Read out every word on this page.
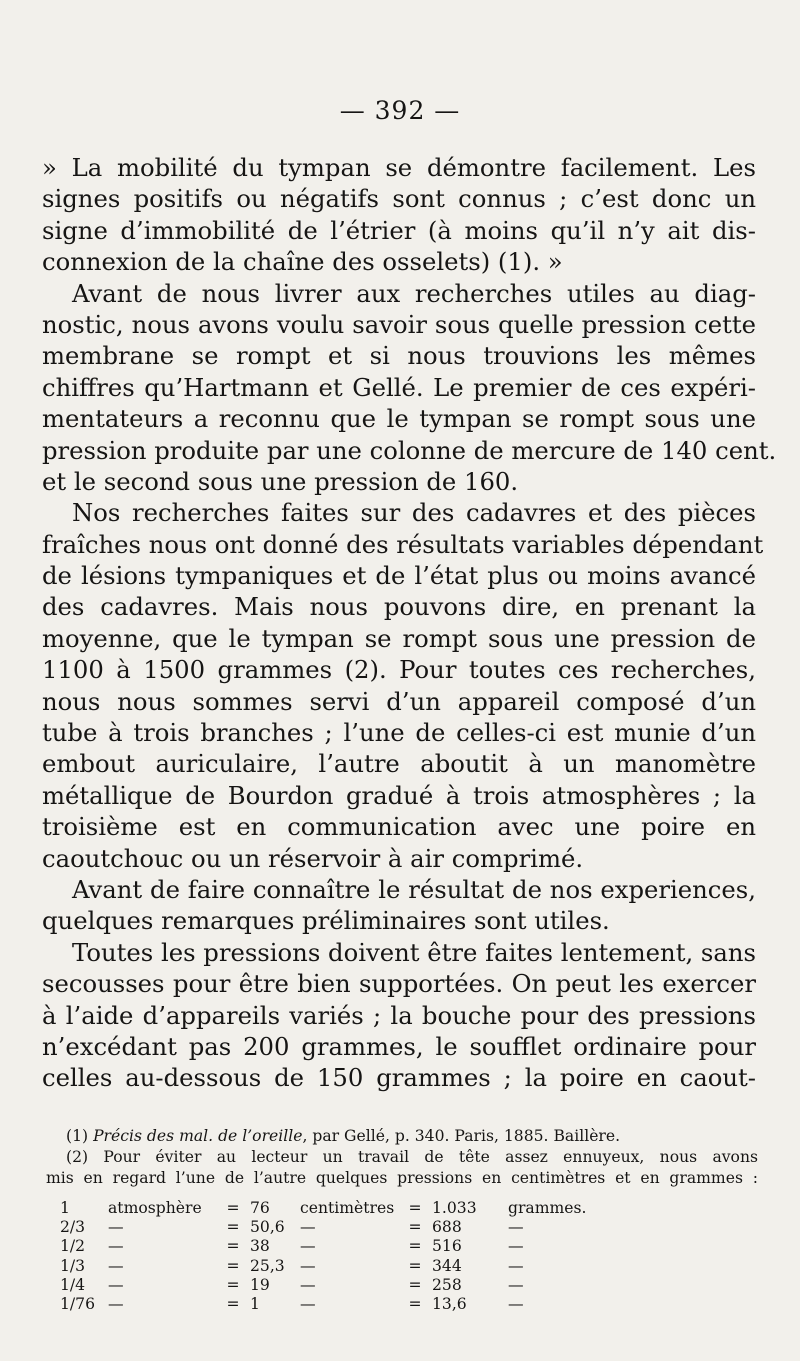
— 392 —
» La mobilité du tympan se démontre facilement. Les
signes positifs ou négatifs sont connus ; c’est donc un
signe d’immobilité de l’étrier (à moins qu’il n’y ait dis-
connexion de la chaîne des osselets) (1). »
Avant de nous livrer aux recherches utiles au diag-
nostic, nous avons voulu savoir sous quelle pression cette
membrane se rompt et si nous trouvions les mêmes
chiffres qu’Hartmann et Gellé. Le premier de ces expéri-
mentateurs a reconnu que le tympan se rompt sous une
pression produite par une colonne de mercure de 140 cent.
et le second sous une pression de 160.
Nos recherches faites sur des cadavres et des pièces
fraîches nous ont donné des résultats variables dépendant
de lésions tympaniques et de l’état plus ou moins avancé
des cadavres. Mais nous pouvons dire, en prenant la
moyenne, que le tympan se rompt sous une pression de
1100 à 1500 grammes (2). Pour toutes ces recherches,
nous nous sommes servi d’un appareil composé d’un
tube à trois branches ; l’une de celles-ci est munie d’un
embout auriculaire, l’autre aboutit à un manomètre
métallique de Bourdon gradué à trois atmosphères ; la
troisième est en communication avec une poire en
caoutchouc ou un réservoir à air comprimé.
Avant de faire connaître le résultat de nos experiences,
quelques remarques préliminaires sont utiles.
Toutes les pressions doivent être faites lentement, sans
secousses pour être bien supportées. On peut les exercer
à l’aide d’appareils variés ; la bouche pour des pressions
n’excédant pas 200 grammes, le soufflet ordinaire pour
celles au-dessous de 150 grammes ; la poire en caout-
(1) Précis des mal. de l’oreille, par Gellé, p. 340. Paris, 1885. Baillère.
(2) Pour éviter au lecteur un travail de tête assez ennuyeux, nous avons
mis en regard l’une de l’autre quelques pressions en centimètres et en grammes :
1	atmosphère	=	76	centimètres	=	1.033	grammes.
2/3	—	=	50,6	—	=	688	—
1/2	—	=	38	—	=	516	—
1/3	—	=	25,3	—	=	344	—
1/4	—	=	19	—	=	258	—
1/76	—	=	1	—	=	13,6	—
